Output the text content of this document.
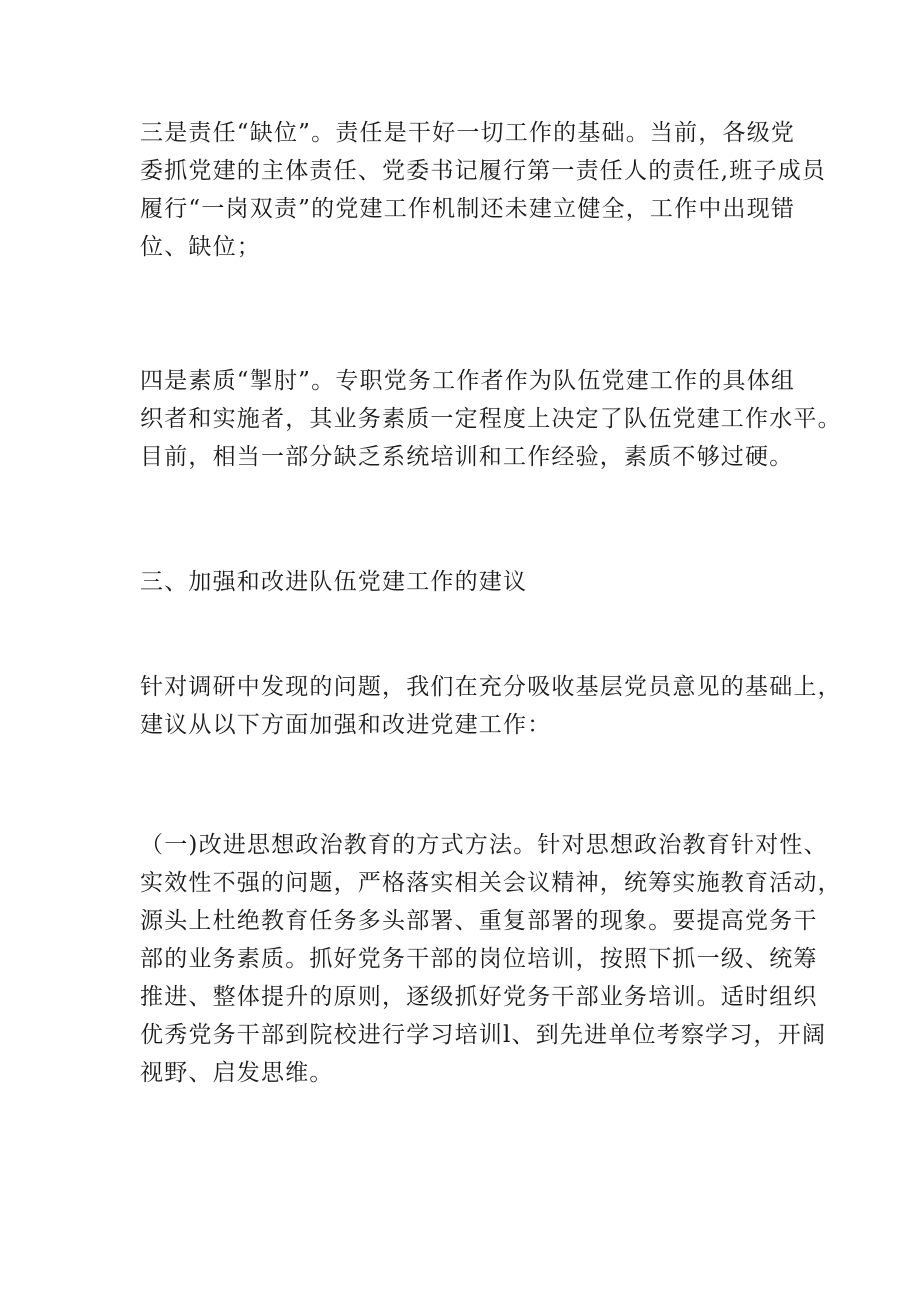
三是责任“缺位”。责任是干好一切工作的基础。当前，各级党
委抓党建的主体责任、党委书记履行第一责任人的责任,班子成员
履行“一岗双责”的党建工作机制还未建立健全，工作中出现错
位、缺位；

四是素质“掣肘”。专职党务工作者作为队伍党建工作的具体组
织者和实施者，其业务素质一定程度上决定了队伍党建工作水平。
目前，相当一部分缺乏系统培训和工作经验，素质不够过硬。

三、加强和改进队伍党建工作的建议

针对调研中发现的问题，我们在充分吸收基层党员意见的基础上，
建议从以下方面加强和改进党建工作：

（一)改进思想政治教育的方式方法。针对思想政治教育针对性、
实效性不强的问题，严格落实相关会议精神，统筹实施教育活动，
源头上杜绝教育任务多头部署、重复部署的现象。要提高党务干
部的业务素质。抓好党务干部的岗位培训，按照下抓一级、统筹
推进、整体提升的原则，逐级抓好党务干部业务培训。适时组织
优秀党务干部到院校进行学习培训l、到先进单位考察学习，开阔
视野、启发思维。
